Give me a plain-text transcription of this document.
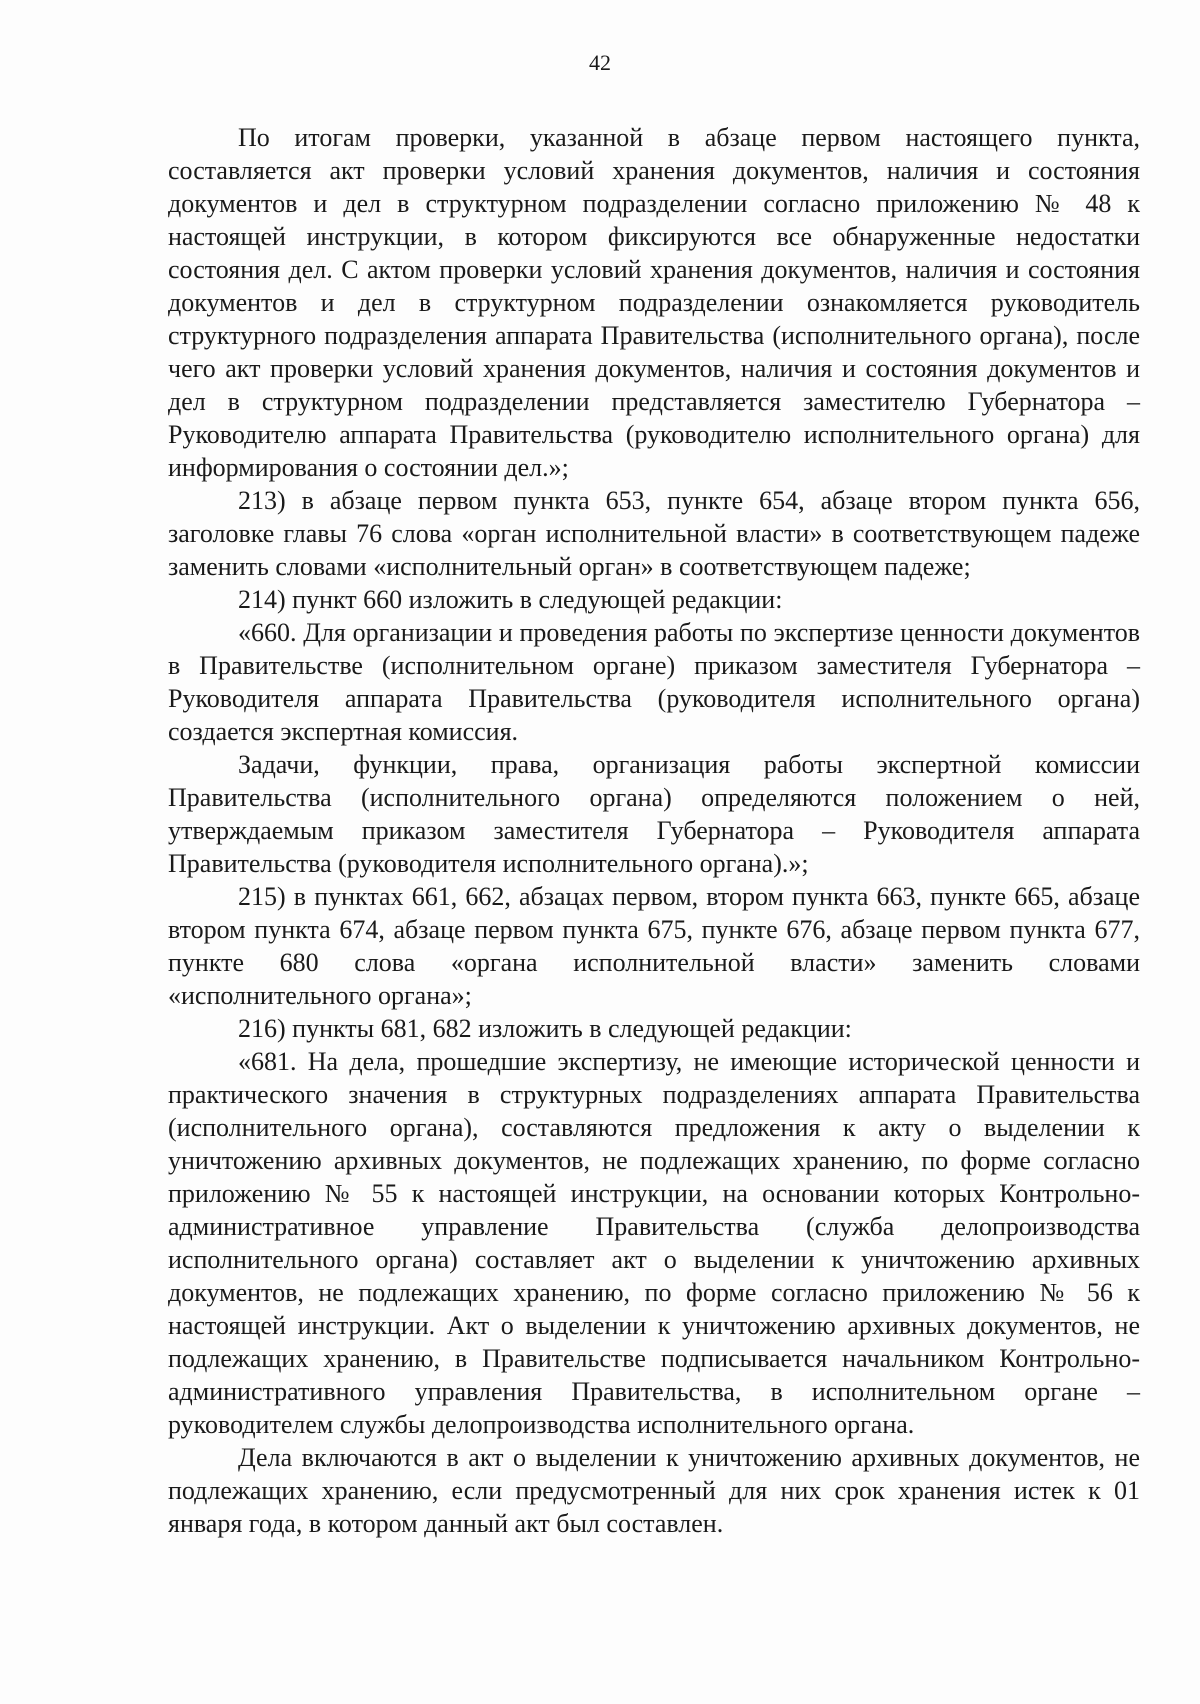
42

По итогам проверки, указанной в абзаце первом настоящего пункта, составляется акт проверки условий хранения документов, наличия и состояния документов и дел в структурном подразделении согласно приложению № 48 к настоящей инструкции, в котором фиксируются все обнаруженные недостатки состояния дел. С актом проверки условий хранения документов, наличия и состояния документов и дел в структурном подразделении ознакомляется руководитель структурного подразделения аппарата Правительства (исполнительного органа), после чего акт проверки условий хранения документов, наличия и состояния документов и дел в структурном подразделении представляется заместителю Губернатора – Руководителю аппарата Правительства (руководителю исполнительного органа) для информирования о состоянии дел.»;

213) в абзаце первом пункта 653, пункте 654, абзаце втором пункта 656, заголовке главы 76 слова «орган исполнительной власти» в соответствующем падеже заменить словами «исполнительный орган» в соответствующем падеже;

214) пункт 660 изложить в следующей редакции:

«660. Для организации и проведения работы по экспертизе ценности документов в Правительстве (исполнительном органе) приказом заместителя Губернатора – Руководителя аппарата Правительства (руководителя исполнительного органа) создается экспертная комиссия.

Задачи, функции, права, организация работы экспертной комиссии Правительства (исполнительного органа) определяются положением о ней, утверждаемым приказом заместителя Губернатора – Руководителя аппарата Правительства (руководителя исполнительного органа).»;

215) в пунктах 661, 662, абзацах первом, втором пункта 663, пункте 665, абзаце втором пункта 674, абзаце первом пункта 675, пункте 676, абзаце первом пункта 677, пункте 680 слова «органа исполнительной власти» заменить словами «исполнительного органа»;

216) пункты 681, 682 изложить в следующей редакции:

«681. На дела, прошедшие экспертизу, не имеющие исторической ценности и практического значения в структурных подразделениях аппарата Правительства (исполнительного органа), составляются предложения к акту о выделении к уничтожению архивных документов, не подлежащих хранению, по форме согласно приложению № 55 к настоящей инструкции, на основании которых Контрольно-административное управление Правительства (служба делопроизводства исполнительного органа) составляет акт о выделении к уничтожению архивных документов, не подлежащих хранению, по форме согласно приложению № 56 к настоящей инструкции. Акт о выделении к уничтожению архивных документов, не подлежащих хранению, в Правительстве подписывается начальником Контрольно-административного управления Правительства, в исполнительном органе – руководителем службы делопроизводства исполнительного органа.

Дела включаются в акт о выделении к уничтожению архивных документов, не подлежащих хранению, если предусмотренный для них срок хранения истек к 01 января года, в котором данный акт был составлен.
